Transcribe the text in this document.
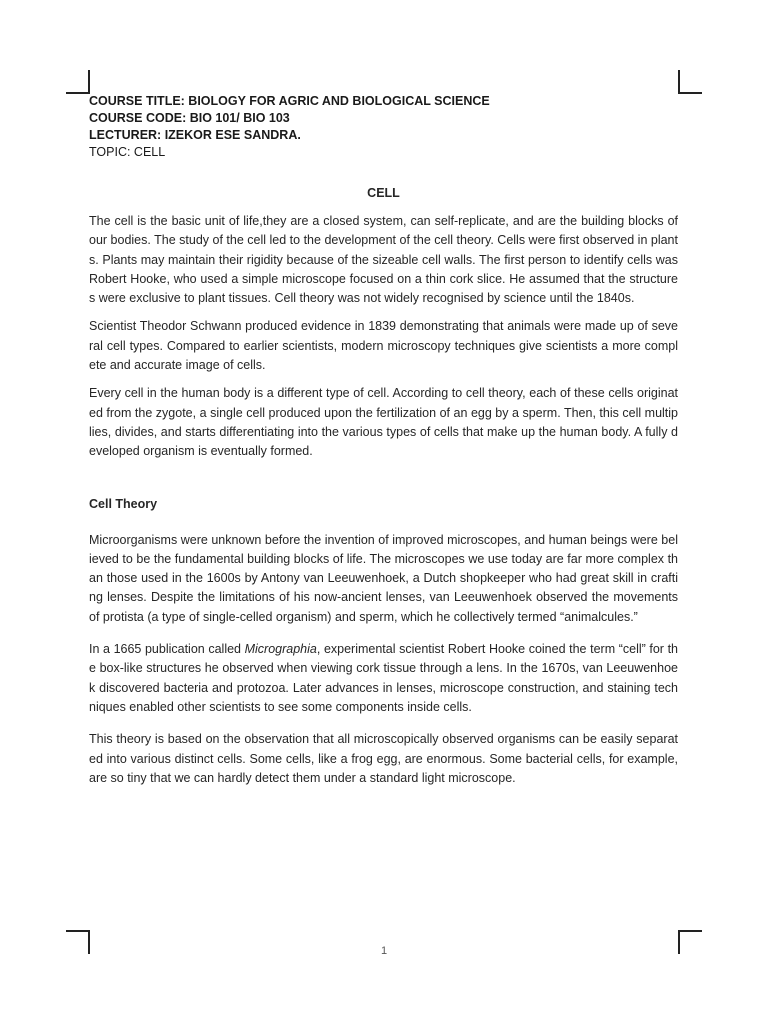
COURSE TITLE: BIOLOGY FOR AGRIC AND BIOLOGICAL SCIENCE
COURSE CODE: BIO 101/ BIO 103
LECTURER: IZEKOR ESE SANDRA.
TOPIC: CELL
CELL

The cell is the basic unit of life,they are a closed system, can self-replicate, and are the building blocks of our bodies. The study of the cell led to the development of the cell theory. Cells were first observed in plants. Plants may maintain their rigidity because of the sizeable cell walls. The first person to identify cells was Robert Hooke, who used a simple microscope focused on a thin cork slice. He assumed that the structures were exclusive to plant tissues. Cell theory was not widely recognised by science until the 1840s.

Scientist Theodor Schwann produced evidence in 1839 demonstrating that animals were made up of several cell types. Compared to earlier scientists, modern microscopy techniques give scientists a more complete and accurate image of cells.

Every cell in the human body is a different type of cell. According to cell theory, each of these cells originated from the zygote, a single cell produced upon the fertilization of an egg by a sperm. Then, this cell multiplies, divides, and starts differentiating into the various types of cells that make up the human body. A fully developed organism is eventually formed.

Cell Theory

Microorganisms were unknown before the invention of improved microscopes, and human beings were believed to be the fundamental building blocks of life. The microscopes we use today are far more complex than those used in the 1600s by Antony van Leeuwenhoek, a Dutch shopkeeper who had great skill in crafting lenses. Despite the limitations of his now-ancient lenses, van Leeuwenhoek observed the movements of protista (a type of single-celled organism) and sperm, which he collectively termed “animalcules.”

In a 1665 publication called Micrographia, experimental scientist Robert Hooke coined the term “cell” for the box-like structures he observed when viewing cork tissue through a lens. In the 1670s, van Leeuwenhoek discovered bacteria and protozoa. Later advances in lenses, microscope construction, and staining techniques enabled other scientists to see some components inside cells.

This theory is based on the observation that all microscopically observed organisms can be easily separated into various distinct cells. Some cells, like a frog egg, are enormous. Some bacterial cells, for example, are so tiny that we can hardly detect them under a standard light microscope.

1
